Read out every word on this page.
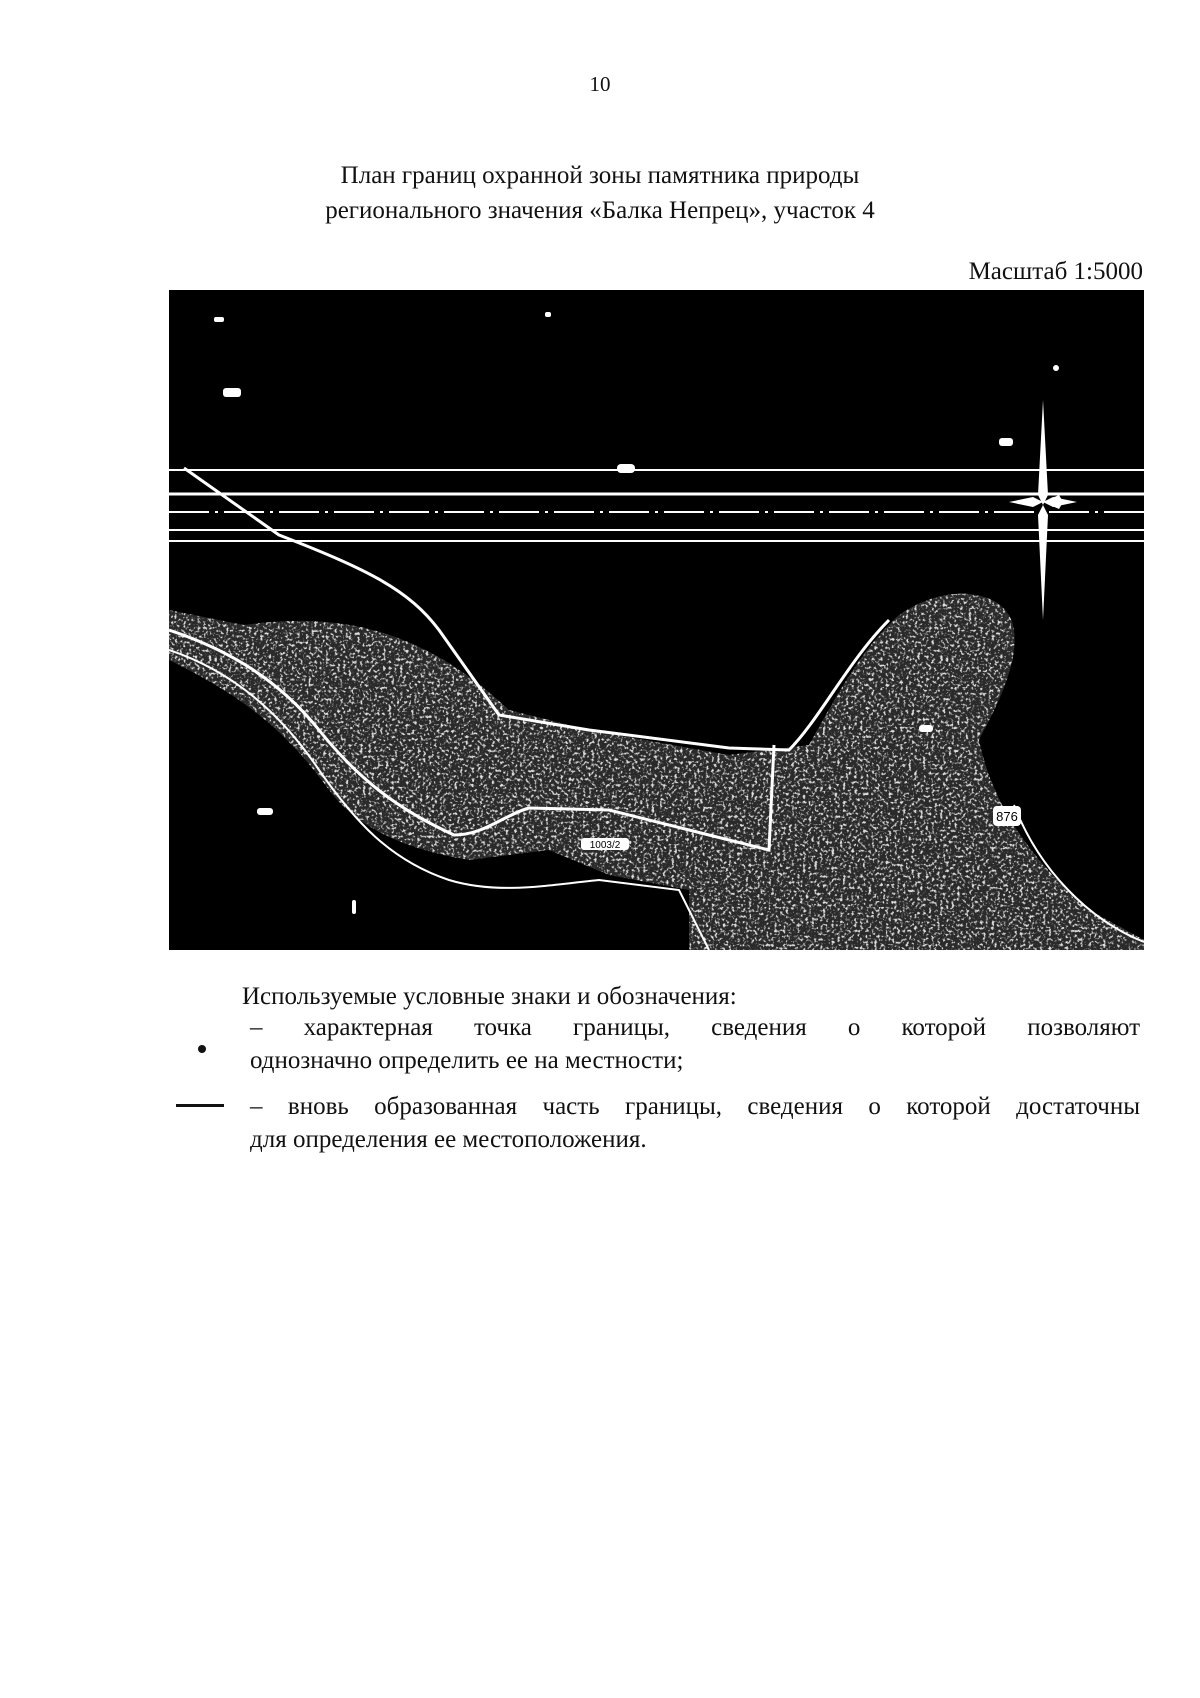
10
План границ охранной зоны памятника природы
регионального значения «Балка Непрец», участок 4
Масштаб 1:5000
1003/2
876
Используемые условные знаки и обозначения:
– характерная точка границы, сведения о которой позволяют
однозначно определить ее на местности;
– вновь образованная часть границы, сведения о которой достаточны
для определения ее местоположения.
